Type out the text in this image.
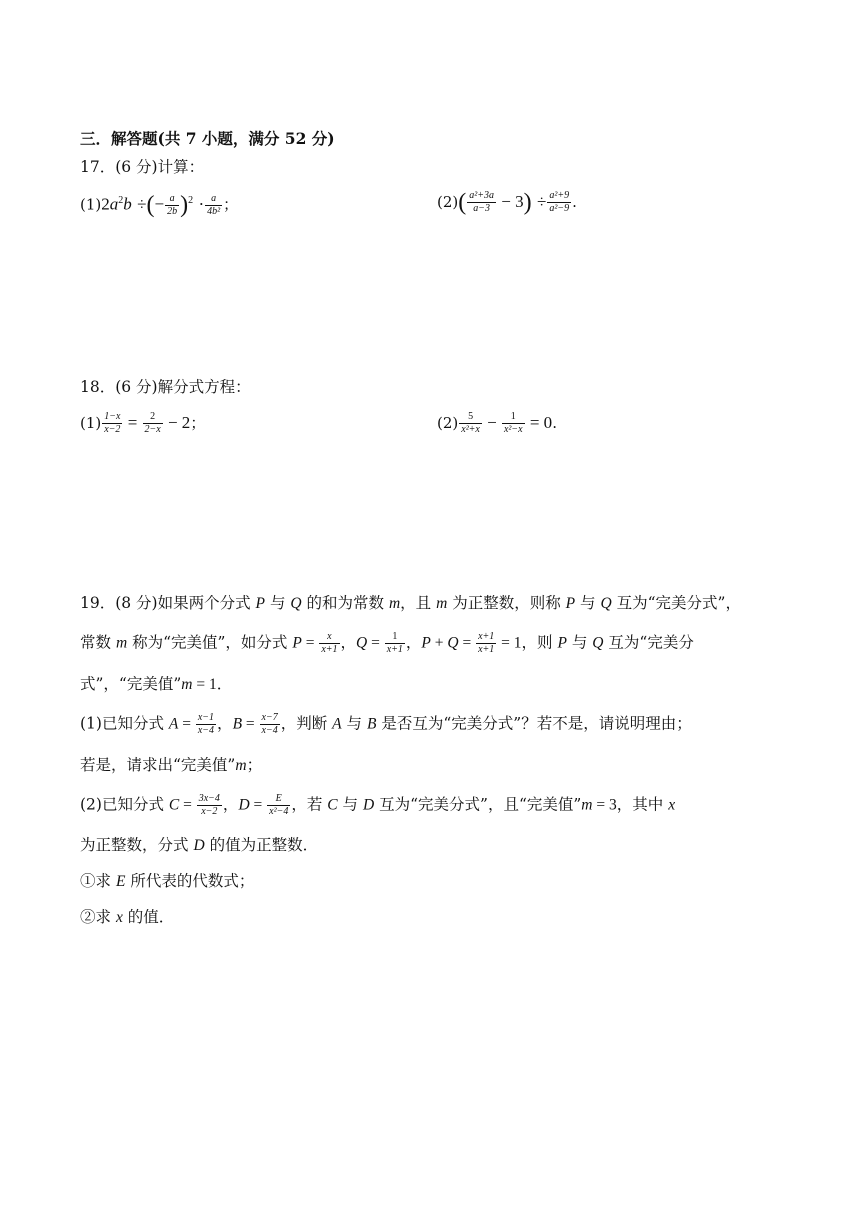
三．解答题(共 7 小题，满分 52 分)
17．(6 分)计算：
$(1)2a^2b$ ÷(− $\frac{a}{2b} )^2 \cdot \frac{a}{\text{4b²}}$ ；	$(2)( \frac{\text{a²+3a}}{a-3} - 3) \div \frac{\text{a²+9}}{\text{a²−9}}$ .
18．(6 分)解分式方程：
$(1) \frac{1-x}{x-2} = \frac{2}{2-x} - 2$；	$(2) \frac{5}{\text{x²+x}} - \frac{1}{\text{x²−x}} = 0$.
19．(8 分)如果两个分式 P 与 Q 的和为常数 m，且 m 为正整数，则称 P 与 Q 互为“完美分式”，
常数 m 称为“完美值”，如分式 $P = \frac{x}{x+1}$ ，$Q = \frac{1}{x+1}$ ，$P + Q = \frac{x+1}{x+1} = 1$，则 P 与 Q 互为“完美分
式”，“完美值”m = 1．
(1)已知分式 $A = \frac{x-1}{x-4}$ ，$B = \frac{x-7}{x-4}$ ，判断 A 与 B 是否互为“完美分式”？若不是，请说明理由；
若是，请求出“完美值”m；
(2)已知分式 $C = \frac{3x-4}{x-2}$ ，$D = \frac{E}{\text{x²−4}}$ ，若 C 与 D 互为“完美分式”，且“完美值”m = 3，其中 x
为正整数，分式 D 的值为正整数．
①求 E 所代表的代数式；
②求 x 的值．
